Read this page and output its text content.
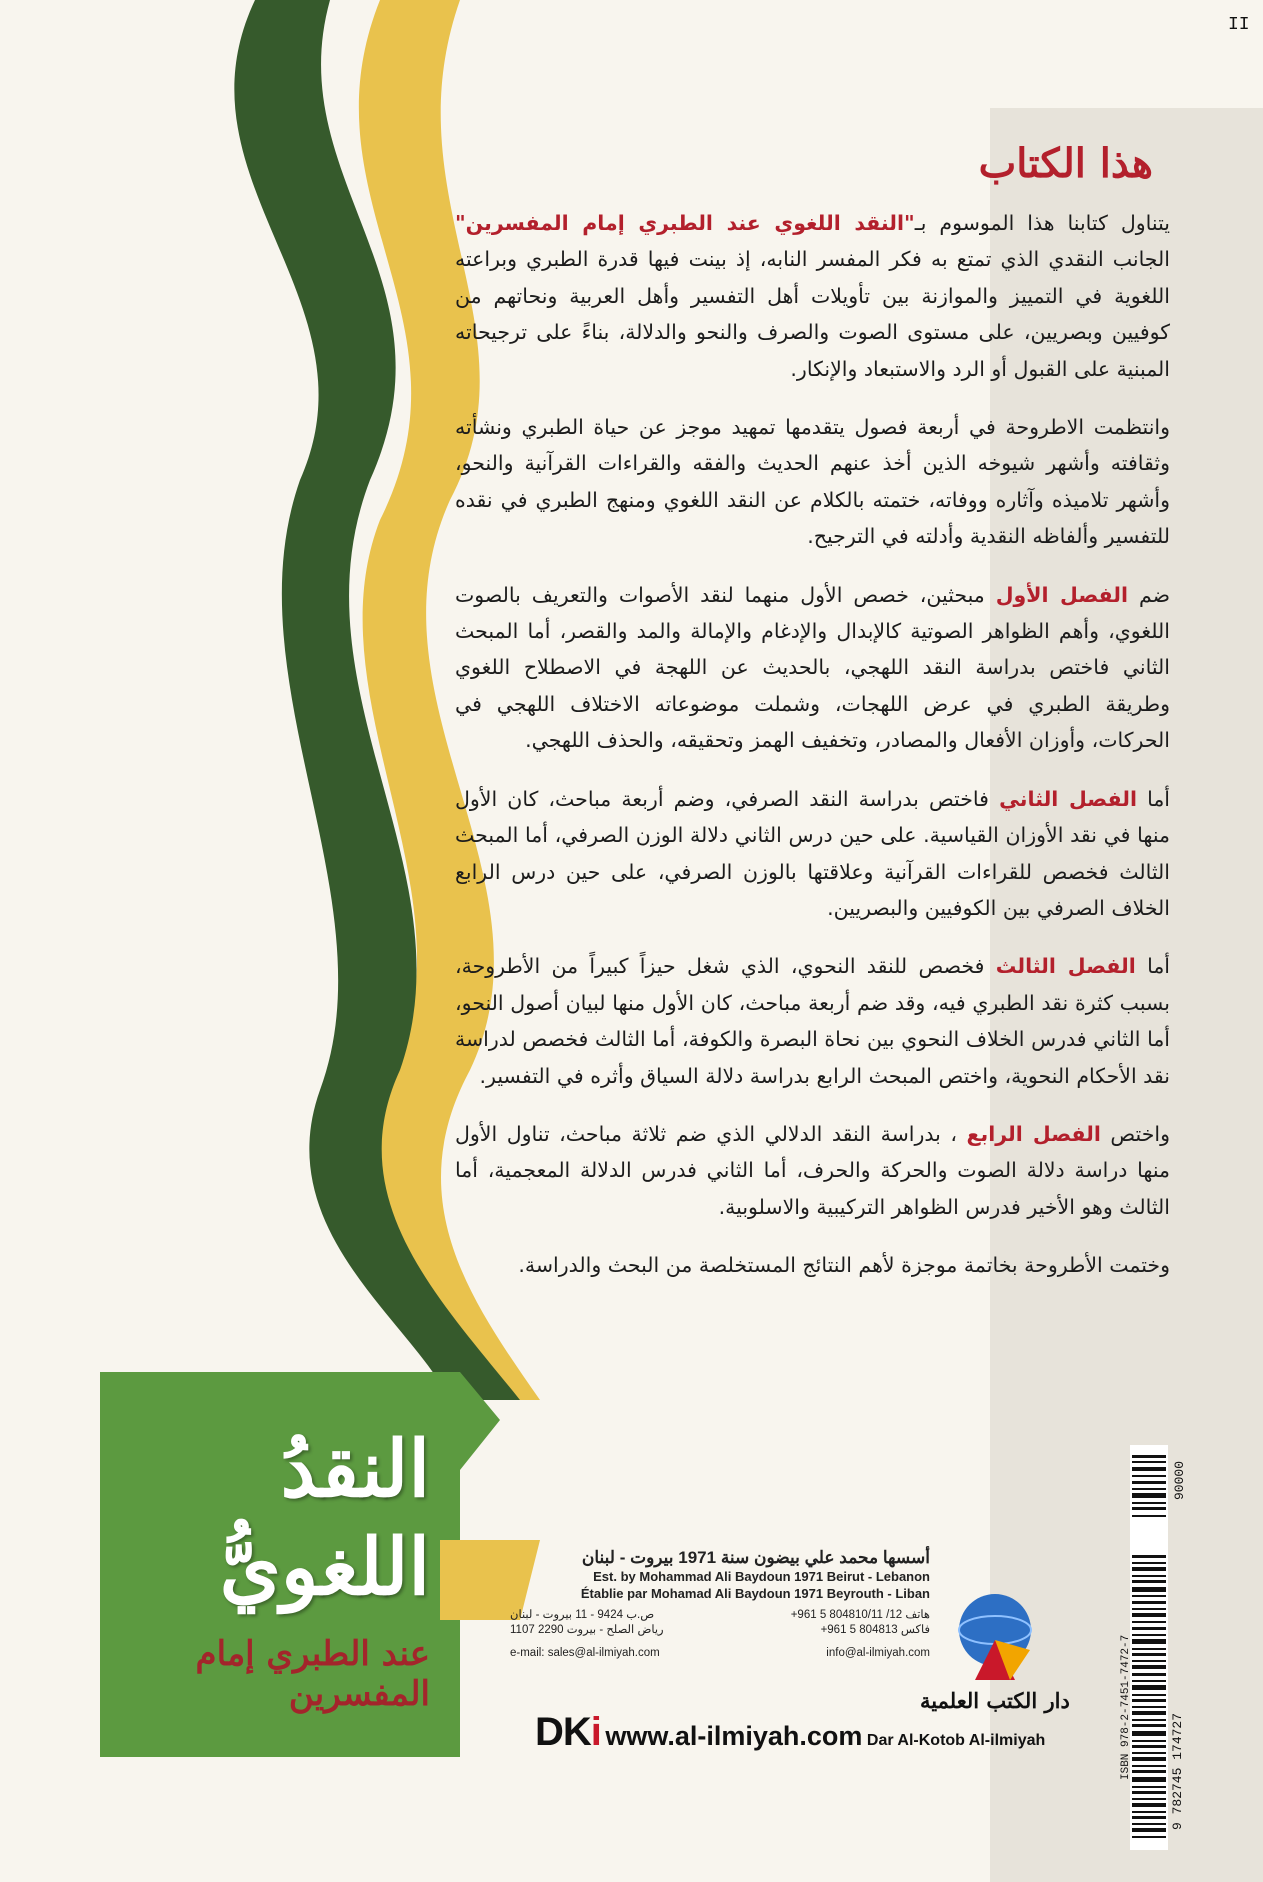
هذا الكتاب

يتناول كتابنا هذا الموسوم بـ"النقد اللغوي عند الطبري إمام المفسرين" الجانب النقدي الذي تمتع به فكر المفسر النابه، إذ بينت فيها قدرة الطبري وبراعته اللغوية في التمييز والموازنة بين تأويلات أهل التفسير وأهل العربية ونحاتهم من كوفيين وبصريين، على مستوى الصوت والصرف والنحو والدلالة، بناءً على ترجيحاته المبنية على القبول أو الرد والاستبعاد والإنكار.

وانتظمت الاطروحة في أربعة فصول يتقدمها تمهيد موجز عن حياة الطبري ونشأته وثقافته وأشهر شيوخه الذين أخذ عنهم الحديث والفقه والقراءات القرآنية والنحو، وأشهر تلاميذه وآثاره ووفاته، ختمته بالكلام عن النقد اللغوي ومنهج الطبري في نقده للتفسير وألفاظه النقدية وأدلته في الترجيح.

ضم الفصل الأول مبحثين، خصص الأول منهما لنقد الأصوات والتعريف بالصوت اللغوي، وأهم الظواهر الصوتية كالإبدال والإدغام والإمالة والمد والقصر، أما المبحث الثاني فاختص بدراسة النقد اللهجي، بالحديث عن اللهجة في الاصطلاح اللغوي وطريقة الطبري في عرض اللهجات، وشملت موضوعاته الاختلاف اللهجي في الحركات، وأوزان الأفعال والمصادر، وتخفيف الهمز وتحقيقه، والحذف اللهجي.

أما الفصل الثاني فاختص بدراسة النقد الصرفي، وضم أربعة مباحث، كان الأول منها في نقد الأوزان القياسية. على حين درس الثاني دلالة الوزن الصرفي، أما المبحث الثالث فخصص للقراءات القرآنية وعلاقتها بالوزن الصرفي، على حين درس الرابع الخلاف الصرفي بين الكوفيين والبصريين.

أما الفصل الثالث فخصص للنقد النحوي، الذي شغل حيزاً كبيراً من الأطروحة، بسبب كثرة نقد الطبري فيه، وقد ضم أربعة مباحث، كان الأول منها لبيان أصول النحو، أما الثاني فدرس الخلاف النحوي بين نحاة البصرة والكوفة، أما الثالث فخصص لدراسة نقد الأحكام النحوية، واختص المبحث الرابع بدراسة دلالة السياق وأثره في التفسير.

واختص الفصل الرابع ، بدراسة النقد الدلالي الذي ضم ثلاثة مباحث، تناول الأول منها دراسة دلالة الصوت والحركة والحرف، أما الثاني فدرس الدلالة المعجمية، أما الثالث وهو الأخير فدرس الظواهر التركيبية والاسلوبية.

وختمت الأطروحة بخاتمة موجزة لأهم النتائج المستخلصة من البحث والدراسة.

النقدُ
اللغويُّ
عند الطبري إمام المفسرين
أسسها محمد علي بيضون سنة 1971 بيروت - لبنان
Est. by Mohammad Ali Baydoun 1971 Beirut - Lebanon
Établie par Mohamad Ali Baydoun 1971 Beyrouth - Liban
هاتف 12/ 804810/11 5 961+
ص.ب 9424 - 11 بيروت - لبنان
فاكس 804813 5 961+
رياض الصلح - بيروت 2290 1107
e-mail: sales@al-ilmiyah.com	info@al-ilmiyah.com
دار الكتب العلمية
DKi www.al-ilmiyah.com Dar Al-Kotob Al-ilmiyah	ISBN 978-2-7451-7472-7	9 782745 174727
90000
II
